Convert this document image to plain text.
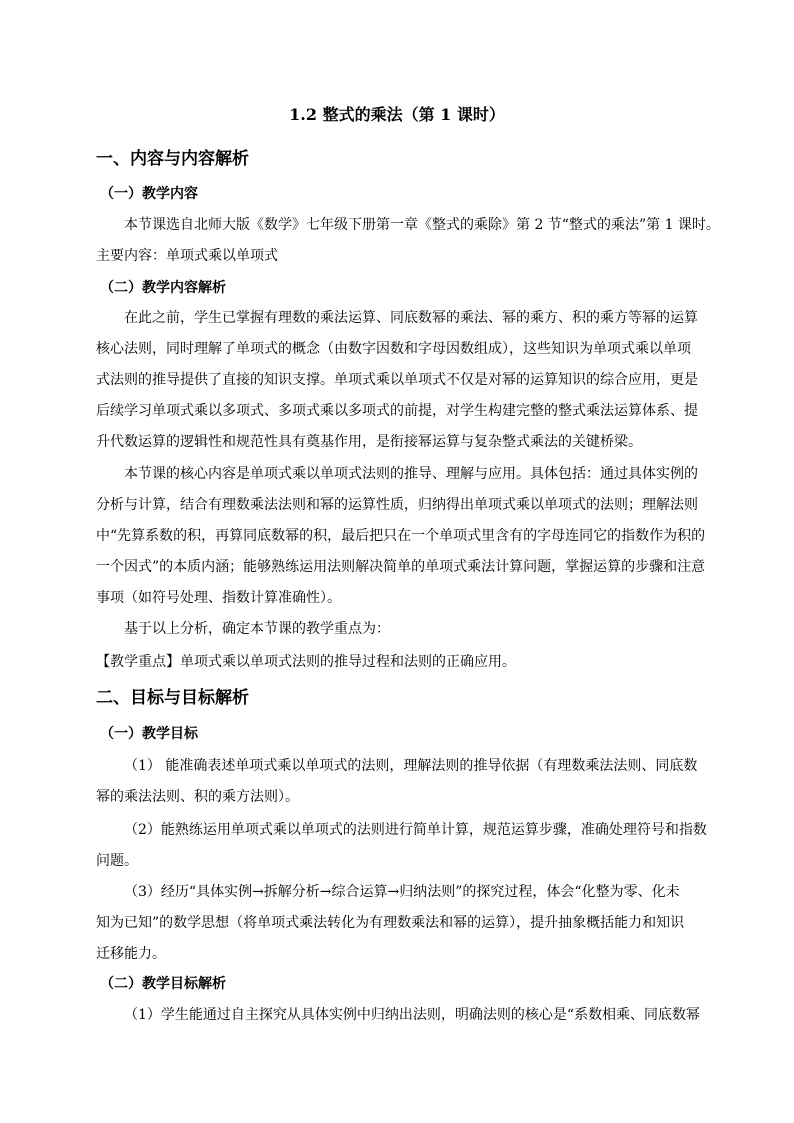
1.2 整式的乘法（第 1 课时）
一、内容与内容解析
（一）教学内容
本节课选自北师大版《数学》七年级下册第一章《整式的乘除》第 2 节“整式的乘法”第 1 课时。
主要内容：单项式乘以单项式
（二）教学内容解析
在此之前，学生已掌握有理数的乘法运算、同底数幂的乘法、幂的乘方、积的乘方等幂的运算
核心法则，同时理解了单项式的概念（由数字因数和字母因数组成），这些知识为单项式乘以单项
式法则的推导提供了直接的知识支撑。单项式乘以单项式不仅是对幂的运算知识的综合应用，更是
后续学习单项式乘以多项式、多项式乘以多项式的前提，对学生构建完整的整式乘法运算体系、提
升代数运算的逻辑性和规范性具有奠基作用，是衔接幂运算与复杂整式乘法的关键桥梁。
本节课的核心内容是单项式乘以单项式法则的推导、理解与应用。具体包括：通过具体实例的
分析与计算，结合有理数乘法法则和幂的运算性质，归纳得出单项式乘以单项式的法则；理解法则
中“先算系数的积，再算同底数幂的积，最后把只在一个单项式里含有的字母连同它的指数作为积的
一个因式”的本质内涵；能够熟练运用法则解决简单的单项式乘法计算问题，掌握运算的步骤和注意
事项（如符号处理、指数计算准确性）。
基于以上分析，确定本节课的教学重点为：
【教学重点】单项式乘以单项式法则的推导过程和法则的正确应用。
二、目标与目标解析
（一）教学目标
（1） 能准确表述单项式乘以单项式的法则，理解法则的推导依据（有理数乘法法则、同底数
幂的乘法法则、积的乘方法则）。
（2）能熟练运用单项式乘以单项式的法则进行简单计算，规范运算步骤，准确处理符号和指数
问题。
（3）经历“具体实例→拆解分析→综合运算→归纳法则”的探究过程，体会“化整为零、化未
知为已知”的数学思想（将单项式乘法转化为有理数乘法和幂的运算），提升抽象概括能力和知识
迁移能力。
（二）教学目标解析
（1）学生能通过自主探究从具体实例中归纳出法则，明确法则的核心是“系数相乘、同底数幂
